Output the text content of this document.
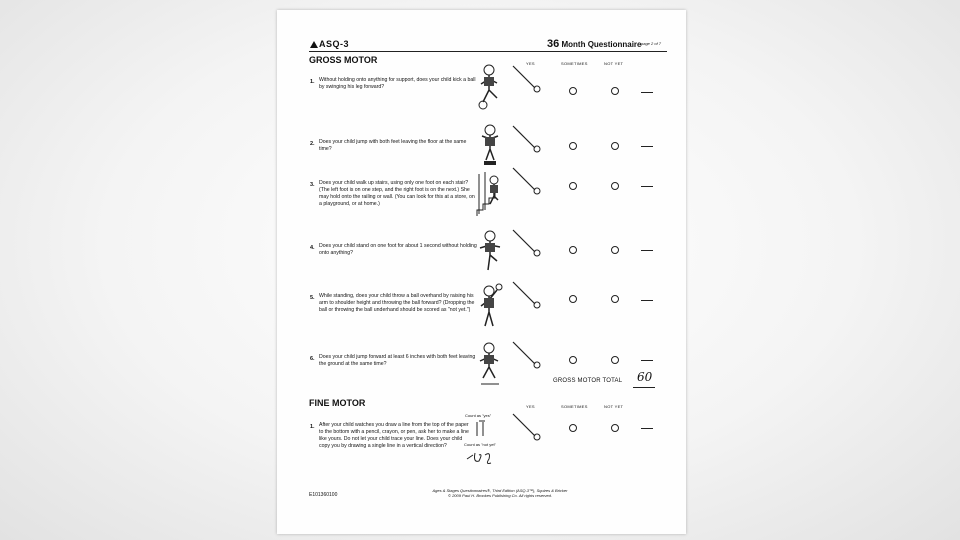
ASQ-3	36 Month Questionnaire page 2 of 7
GROSS MOTOR	YES	SOMETIMES	NOT YET
1. Without holding onto anything for support, does your child kick a ball by swinging his leg forward?
2. Does your child jump with both feet leaving the floor at the same time?
3. Does your child walk up stairs, using only one foot on each stair? (The left foot is on one step, and the right foot is on the next.) She may hold onto the railing or wall. (You can look for this at a store, on a playground, or at home.)
4. Does your child stand on one foot for about 1 second without holding onto anything?
5. While standing, does your child throw a ball overhand by raising his arm to shoulder height and throwing the ball forward? (Dropping the ball or throwing the ball underhand should be scored as "not yet.")
6. Does your child jump forward at least 6 inches with both feet leaving the ground at the same time?
GROSS MOTOR TOTAL 60
FINE MOTOR	YES	SOMETIMES	NOT YET
1. After your child watches you draw a line from the top of the paper to the bottom with a pencil, crayon, or pen, ask her to make a line like yours. Do not let your child trace your line. Does your child copy you by drawing a single line in a vertical direction?
Count as "yes"
Count as "not yet"
E101360100
Ages & Stages Questionnaires®, Third Edition (ASQ-3™), Squires & Bricker
© 2009 Paul H. Brookes Publishing Co. All rights reserved.
